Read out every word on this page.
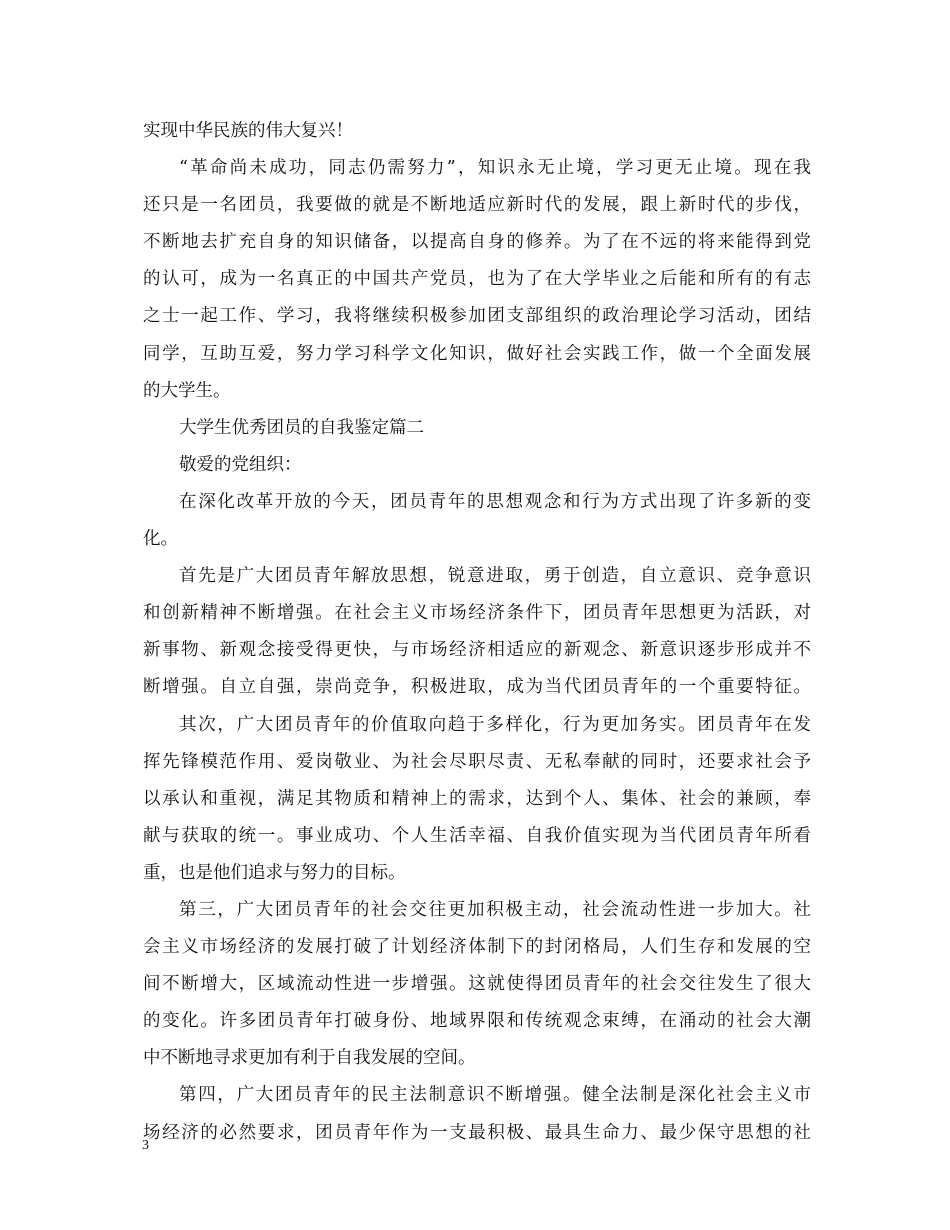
实现中华民族的伟大复兴！
“革命尚未成功，同志仍需努力”，知识永无止境，学习更无止境。现在我
还只是一名团员，我要做的就是不断地适应新时代的发展，跟上新时代的步伐，
不断地去扩充自身的知识储备，以提高自身的修养。为了在不远的将来能得到党
的认可，成为一名真正的中国共产党员，也为了在大学毕业之后能和所有的有志
之士一起工作、学习，我将继续积极参加团支部组织的政治理论学习活动，团结
同学，互助互爱，努力学习科学文化知识，做好社会实践工作，做一个全面发展
的大学生。
大学生优秀团员的自我鉴定篇二
敬爱的党组织：
在深化改革开放的今天，团员青年的思想观念和行为方式出现了许多新的变
化。
首先是广大团员青年解放思想，锐意进取，勇于创造，自立意识、竞争意识
和创新精神不断增强。在社会主义市场经济条件下，团员青年思想更为活跃，对
新事物、新观念接受得更快，与市场经济相适应的新观念、新意识逐步形成并不
断增强。自立自强，崇尚竞争，积极进取，成为当代团员青年的一个重要特征。
其次，广大团员青年的价值取向趋于多样化，行为更加务实。团员青年在发
挥先锋模范作用、爱岗敬业、为社会尽职尽责、无私奉献的同时，还要求社会予
以承认和重视，满足其物质和精神上的需求，达到个人、集体、社会的兼顾，奉
献与获取的统一。事业成功、个人生活幸福、自我价值实现为当代团员青年所看
重，也是他们追求与努力的目标。
第三，广大团员青年的社会交往更加积极主动，社会流动性进一步加大。社
会主义市场经济的发展打破了计划经济体制下的封闭格局，人们生存和发展的空
间不断增大，区域流动性进一步增强。这就使得团员青年的社会交往发生了很大
的变化。许多团员青年打破身份、地域界限和传统观念束缚，在涌动的社会大潮
中不断地寻求更加有利于自我发展的空间。
第四，广大团员青年的民主法制意识不断增强。健全法制是深化社会主义市
场经济的必然要求，团员青年作为一支最积极、最具生命力、最少保守思想的社
3
